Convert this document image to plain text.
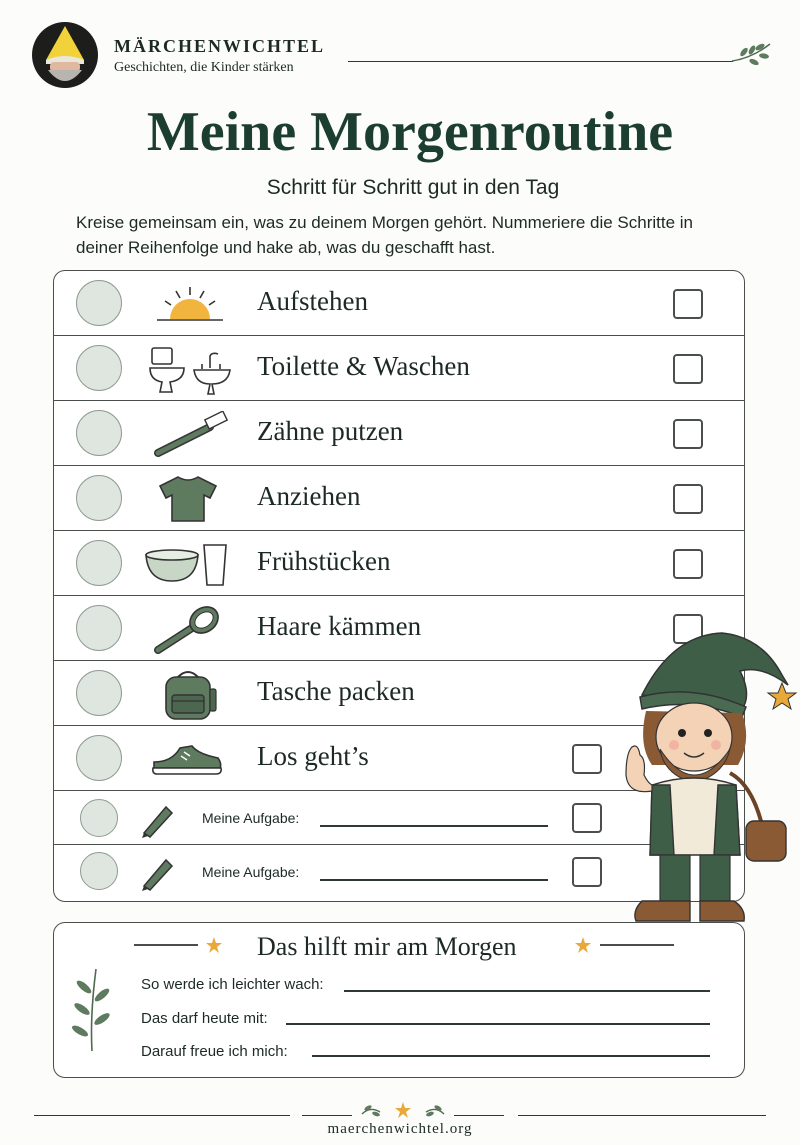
MÄRCHENWICHTEL
Geschichten, die Kinder stärken
Meine Morgenroutine
Schritt für Schritt gut in den Tag
Kreise gemeinsam ein, was zu deinem Morgen gehört. Nummeriere die Schritte in deiner Reihenfolge und hake ab, was du geschafft hast.
Aufstehen
Toilette & Waschen
Zähne putzen
Anziehen
Frühstücken
Haare kämmen
Tasche packen
Los geht’s
Meine Aufgabe:
Meine Aufgabe:
Das hilft mir am Morgen
So werde ich leichter wach:
Das darf heute mit:
Darauf freue ich mich:
maerchenwichtel.org
